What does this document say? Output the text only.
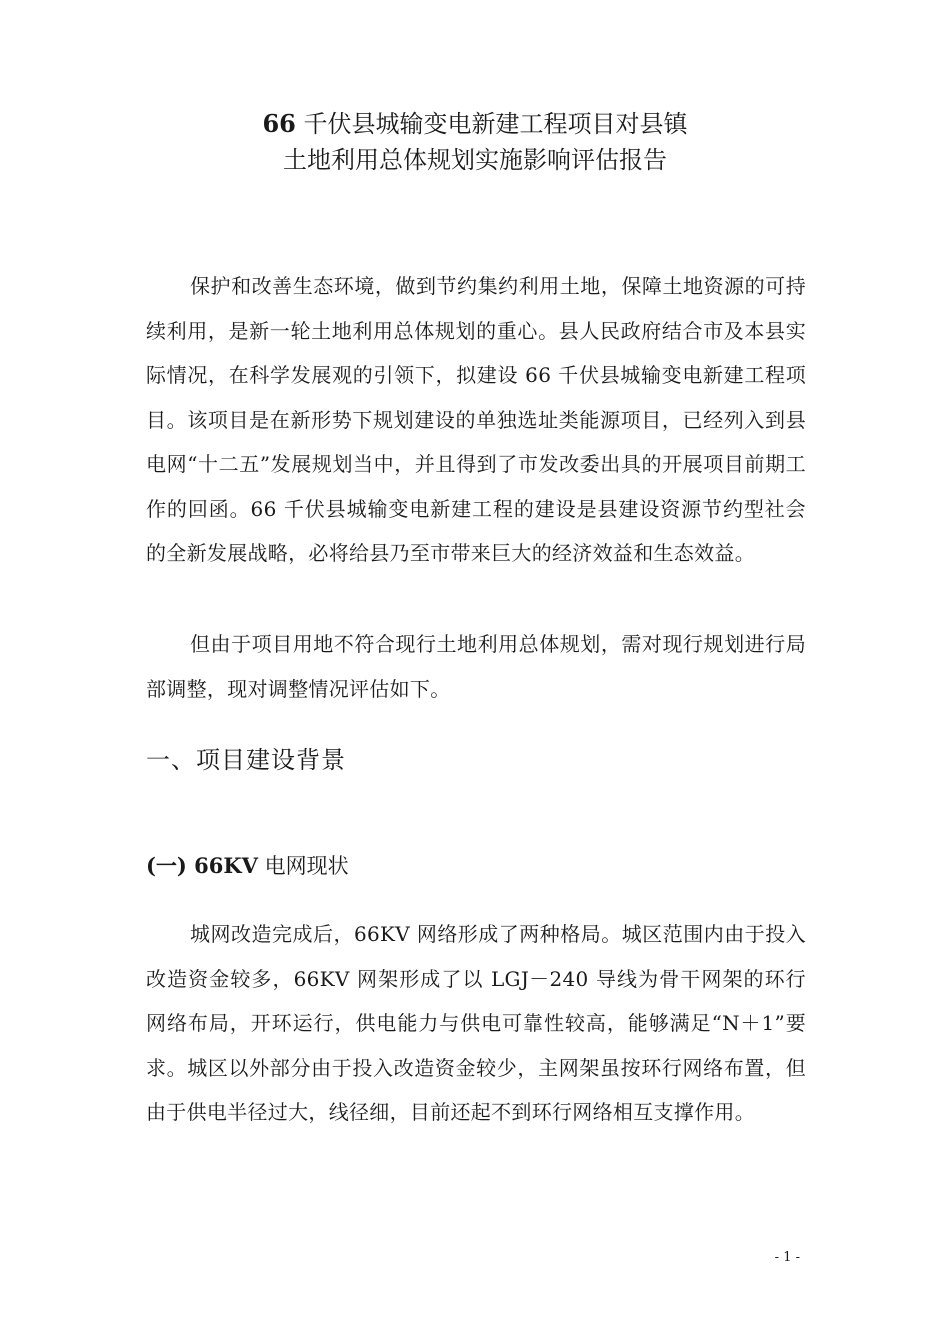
66 千伏县城输变电新建工程项目对县镇
土地利用总体规划实施影响评估报告

保护和改善生态环境，做到节约集约利用土地，保障土地资源的可持续利用，是新一轮土地利用总体规划的重心。县人民政府结合市及本县实际情况，在科学发展观的引领下，拟建设 66 千伏县城输变电新建工程项目。该项目是在新形势下规划建设的单独选址类能源项目，已经列入到县电网“十二五”发展规划当中，并且得到了市发改委出具的开展项目前期工作的回函。66 千伏县城输变电新建工程的建设是县建设资源节约型社会的全新发展战略，必将给县乃至市带来巨大的经济效益和生态效益。

但由于项目用地不符合现行土地利用总体规划，需对现行规划进行局部调整，现对调整情况评估如下。

一、项目建设背景
(一) 66KV 电网现状

城网改造完成后，66KV 网络形成了两种格局。城区范围内由于投入改造资金较多，66KV 网架形成了以 LGJ－240 导线为骨干网架的环行网络布局，开环运行，供电能力与供电可靠性较高，能够满足“N＋1”要求。城区以外部分由于投入改造资金较少，主网架虽按环行网络布置，但由于供电半径过大，线径细，目前还起不到环行网络相互支撑作用。

- 1 -
